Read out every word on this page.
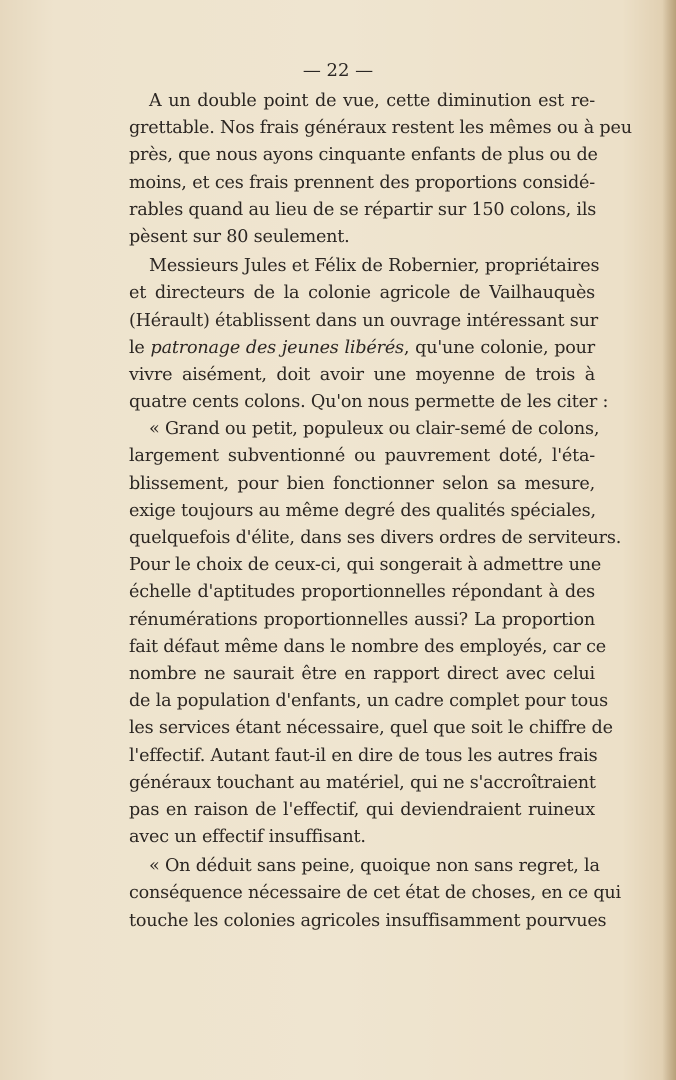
— 22 —
A un double point de vue, cette diminution est re-
grettable. Nos frais généraux restent les mêmes ou à peu
près, que nous ayons cinquante enfants de plus ou de
moins, et ces frais prennent des proportions considé-
rables quand au lieu de se répartir sur 150 colons, ils
pèsent sur 80 seulement.
Messieurs Jules et Félix de Robernier, propriétaires
et directeurs de la colonie agricole de Vailhauquès
(Hérault) établissent dans un ouvrage intéressant sur
le patronage des jeunes libérés, qu'une colonie, pour
vivre aisément, doit avoir une moyenne de trois à
quatre cents colons. Qu'on nous permette de les citer :
« Grand ou petit, populeux ou clair-semé de colons,
largement subventionné ou pauvrement doté, l'éta-
blissement, pour bien fonctionner selon sa mesure,
exige toujours au même degré des qualités spéciales,
quelquefois d'élite, dans ses divers ordres de serviteurs.
Pour le choix de ceux-ci, qui songerait à admettre une
échelle d'aptitudes proportionnelles répondant à des
rénumérations proportionnelles aussi? La proportion
fait défaut même dans le nombre des employés, car ce
nombre ne saurait être en rapport direct avec celui
de la population d'enfants, un cadre complet pour tous
les services étant nécessaire, quel que soit le chiffre de
l'effectif. Autant faut-il en dire de tous les autres frais
généraux touchant au matériel, qui ne s'accroîtraient
pas en raison de l'effectif, qui deviendraient ruineux
avec un effectif insuffisant.
« On déduit sans peine, quoique non sans regret, la
conséquence nécessaire de cet état de choses, en ce qui
touche les colonies agricoles insuffisamment pourvues
